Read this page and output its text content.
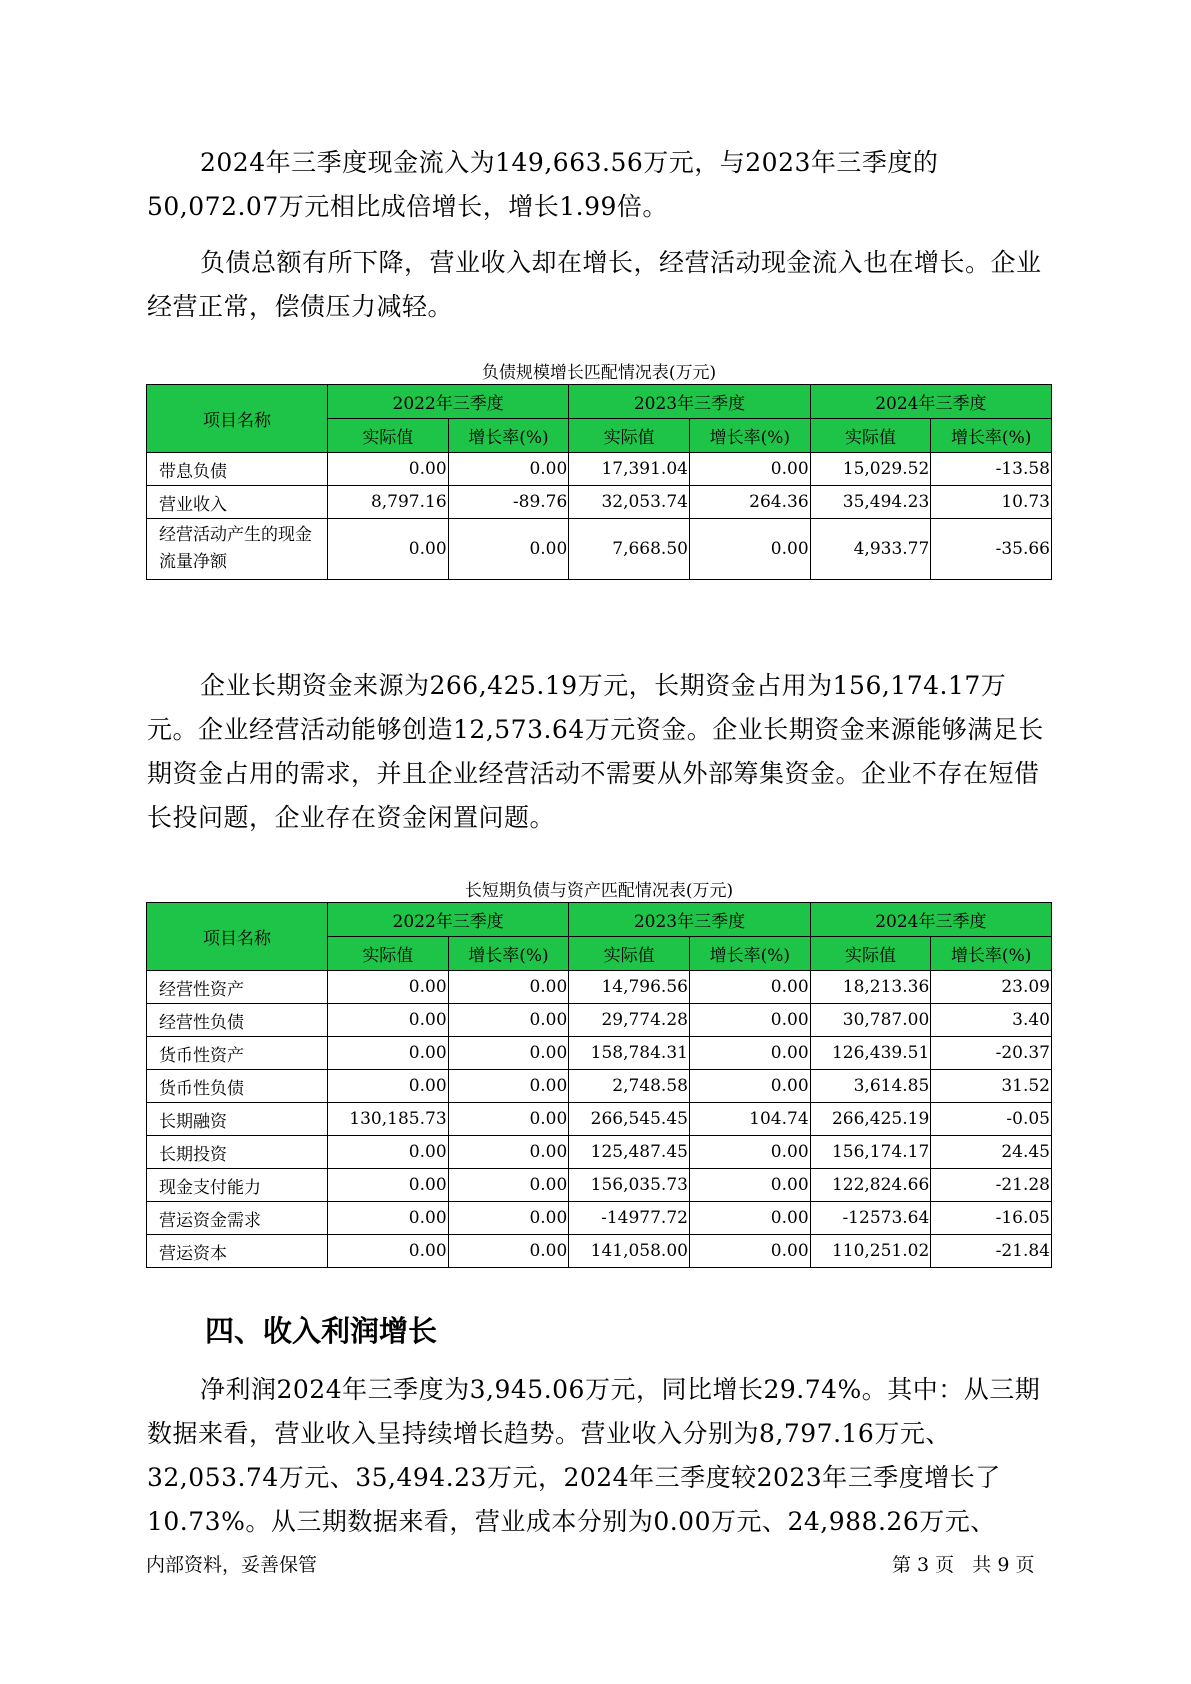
2024年三季度现金流入为149,663.56万元，与2023年三季度的50,072.07万元相比成倍增长，增长1.99倍。

负债总额有所下降，营业收入却在增长，经营活动现金流入也在增长。企业经营正常，偿债压力减轻。

负债规模增长匹配情况表(万元)

项目名称	2022年三季度		2023年三季度		2024年三季度	
	实际值	增长率(%)	实际值	增长率(%)	实际值	增长率(%)
带息负债	0.00	0.00	17,391.04	0.00	15,029.52	-13.58
营业收入	8,797.16	-89.76	32,053.74	264.36	35,494.23	10.73
经营活动产生的现金流量净额	0.00	0.00	7,668.50	0.00	4,933.77	-35.66

企业长期资金来源为266,425.19万元，长期资金占用为156,174.17万元。企业经营活动能够创造12,573.64万元资金。企业长期资金来源能够满足长期资金占用的需求，并且企业经营活动不需要从外部筹集资金。企业不存在短借长投问题，企业存在资金闲置问题。

长短期负债与资产匹配情况表(万元)

项目名称	2022年三季度		2023年三季度		2024年三季度	
	实际值	增长率(%)	实际值	增长率(%)	实际值	增长率(%)
经营性资产	0.00	0.00	14,796.56	0.00	18,213.36	23.09
经营性负债	0.00	0.00	29,774.28	0.00	30,787.00	3.40
货币性资产	0.00	0.00	158,784.31	0.00	126,439.51	-20.37
货币性负债	0.00	0.00	2,748.58	0.00	3,614.85	31.52
长期融资	130,185.73	0.00	266,545.45	104.74	266,425.19	-0.05
长期投资	0.00	0.00	125,487.45	0.00	156,174.17	24.45
现金支付能力	0.00	0.00	156,035.73	0.00	122,824.66	-21.28
营运资金需求	0.00	0.00	-14977.72	0.00	-12573.64	-16.05
营运资本	0.00	0.00	141,058.00	0.00	110,251.02	-21.84
四、收入利润增长

净利润2024年三季度为3,945.06万元，同比增长29.74%。其中：从三期数据来看，营业收入呈持续增长趋势。营业收入分别为8,797.16万元、32,053.74万元、35,494.23万元，2024年三季度较2023年三季度增长了10.73%。从三期数据来看，营业成本分别为0.00万元、24,988.26万元、

内部资料，妥善保管	第 3 页   共 9 页
